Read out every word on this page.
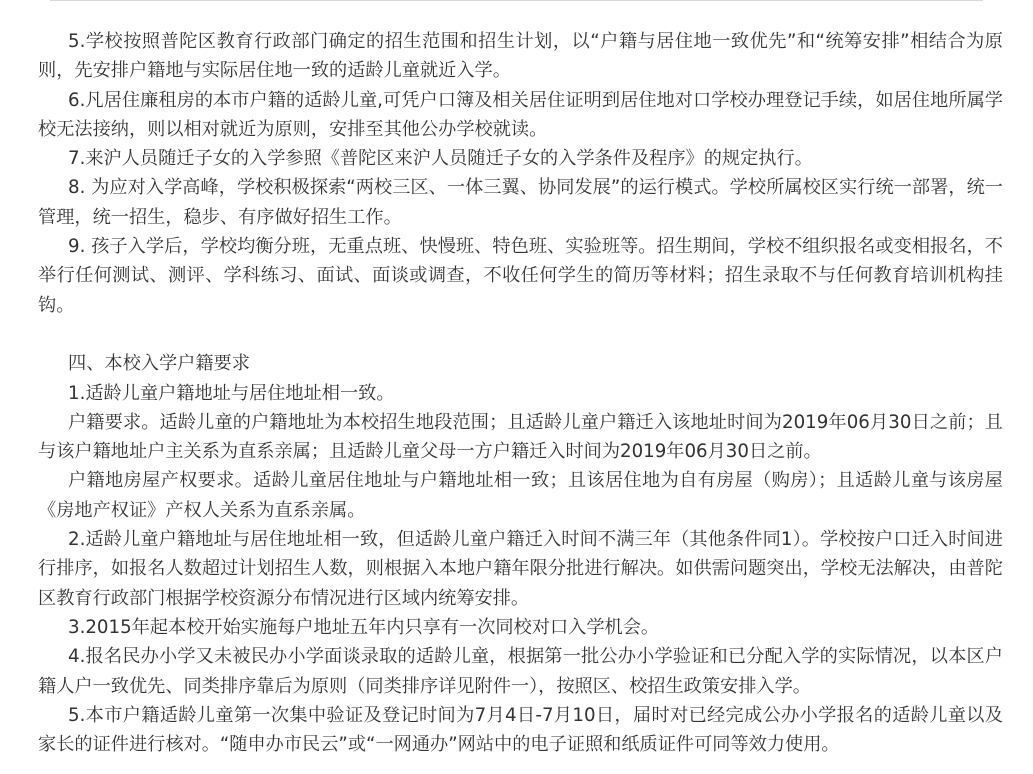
5.学校按照普陀区教育行政部门确定的招生范围和招生计划，以“户籍与居住地一致优先”和“统筹安排”相结合为原则，先安排户籍地与实际居住地一致的适龄儿童就近入学。

6.凡居住廉租房的本市户籍的适龄儿童,可凭户口簿及相关居住证明到居住地对口学校办理登记手续，如居住地所属学校无法接纳，则以相对就近为原则，安排至其他公办学校就读。

7.来沪人员随迁子女的入学参照《普陀区来沪人员随迁子女的入学条件及程序》的规定执行。

8. 为应对入学高峰，学校积极探索“两校三区、一体三翼、协同发展”的运行模式。学校所属校区实行统一部署，统一管理，统一招生，稳步、有序做好招生工作。

9. 孩子入学后，学校均衡分班，无重点班、快慢班、特色班、实验班等。招生期间，学校不组织报名或变相报名，不举行任何测试、测评、学科练习、面试、面谈或调查，不收任何学生的简历等材料；招生录取不与任何教育培训机构挂钩。

四、本校入学户籍要求

1.适龄儿童户籍地址与居住地址相一致。

户籍要求。适龄儿童的户籍地址为本校招生地段范围；且适龄儿童户籍迁入该地址时间为2019年06月30日之前；且与该户籍地址户主关系为直系亲属；且适龄儿童父母一方户籍迁入时间为2019年06月30日之前。

户籍地房屋产权要求。适龄儿童居住地址与户籍地址相一致；且该居住地为自有房屋（购房）；且适龄儿童与该房屋《房地产权证》产权人关系为直系亲属。

2.适龄儿童户籍地址与居住地址相一致，但适龄儿童户籍迁入时间不满三年（其他条件同1）。学校按户口迁入时间进行排序，如报名人数超过计划招生人数，则根据入本地户籍年限分批进行解决。如供需问题突出，学校无法解决，由普陀区教育行政部门根据学校资源分布情况进行区域内统筹安排。

3.2015年起本校开始实施每户地址五年内只享有一次同校对口入学机会。

4.报名民办小学又未被民办小学面谈录取的适龄儿童，根据第一批公办小学验证和已分配入学的实际情况，以本区户籍人户一致优先、同类排序靠后为原则（同类排序详见附件一），按照区、校招生政策安排入学。

5.本市户籍适龄儿童第一次集中验证及登记时间为7月4日-7月10日，届时对已经完成公办小学报名的适龄儿童以及家长的证件进行核对。“随申办市民云”或“一网通办”网站中的电子证照和纸质证件可同等效力使用。
